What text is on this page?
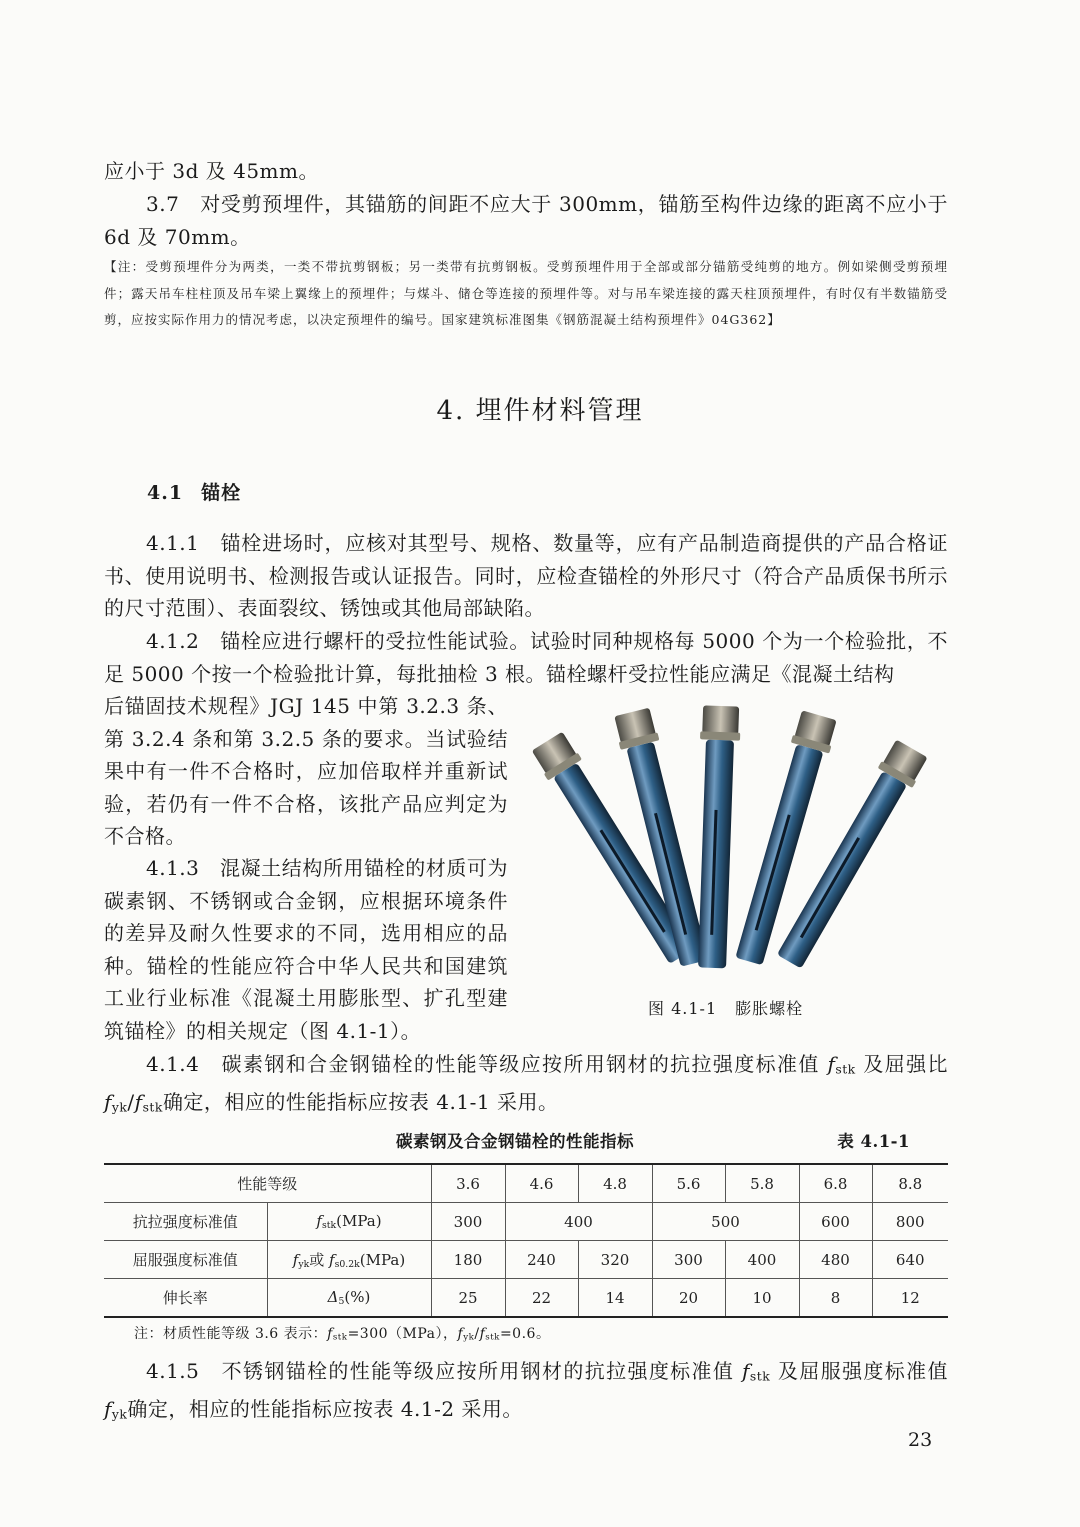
应小于 3d 及 45mm。

3.7　对受剪预埋件，其锚筋的间距不应大于 300mm，锚筋至构件边缘的距离不应小于 6d 及 70mm。

【注：受剪预埋件分为两类，一类不带抗剪钢板；另一类带有抗剪钢板。受剪预埋件用于全部或部分锚筋受纯剪的地方。例如梁侧受剪预埋件；露天吊车柱柱顶及吊车梁上翼缘上的预埋件；与煤斗、储仓等连接的预埋件等。对与吊车梁连接的露天柱顶预埋件，有时仅有半数锚筋受剪，应按实际作用力的情况考虑，以决定预埋件的编号。国家建筑标准图集《钢筋混凝土结构预埋件》04G362】

4. 埋件材料管理
4.1 锚栓

4.1.1　锚栓进场时，应核对其型号、规格、数量等，应有产品制造商提供的产品合格证书、使用说明书、检测报告或认证报告。同时，应检查锚栓的外形尺寸（符合产品质保书所示的尺寸范围）、表面裂纹、锈蚀或其他局部缺陷。

4.1.2　锚栓应进行螺杆的受拉性能试验。试验时同种规格每 5000 个为一个检验批，不足 5000 个按一个检验批计算，每批抽检 3 根。锚栓螺杆受拉性能应满足《混凝土结构

后锚固技术规程》JGJ 145 中第 3.2.3 条、第 3.2.4 条和第 3.2.5 条的要求。当试验结果中有一件不合格时，应加倍取样并重新试验，若仍有一件不合格，该批产品应判定为不合格。

4.1.3　混凝土结构所用锚栓的材质可为碳素钢、不锈钢或合金钢，应根据环境条件的差异及耐久性要求的不同，选用相应的品种。锚栓的性能应符合中华人民共和国建筑工业行业标准《混凝土用膨胀型、扩孔型建筑锚栓》的相关规定（图 4.1-1）。

图 4.1-1 膨胀螺栓

4.1.4　碳素钢和合金钢锚栓的性能等级应按所用钢材的抗拉强度标准值 $f_{stk}$ 及屈强比 $f_{yk}/f_{stk}$确定，相应的性能指标应按表 4.1-1 采用。

碳素钢及合金钢锚栓的性能指标	表 4.1-1
性能等级		3.6	4.6	4.8	5.6	5.8	6.8	8.8
抗拉强度标准值	$f_{stk}(MPa)$	300	400		500		600	800
屈服强度标准值	$f_{yk}$或 $f_{s0.2k}(MPa)$	180	240	320	300	400	480	640
伸长率	$\Delta_5(\%)$	25	22	14	20	10	8	12

注：材质性能等级 3.6 表示：$f_{stk}=300(MPa)$，$f_{yk}/f_{stk}=0.6$。

4.1.5　不锈钢锚栓的性能等级应按所用钢材的抗拉强度标准值 $f_{stk}$ 及屈服强度标准值 $f_{yk}$确定，相应的性能指标应按表 4.1-2 采用。

23
